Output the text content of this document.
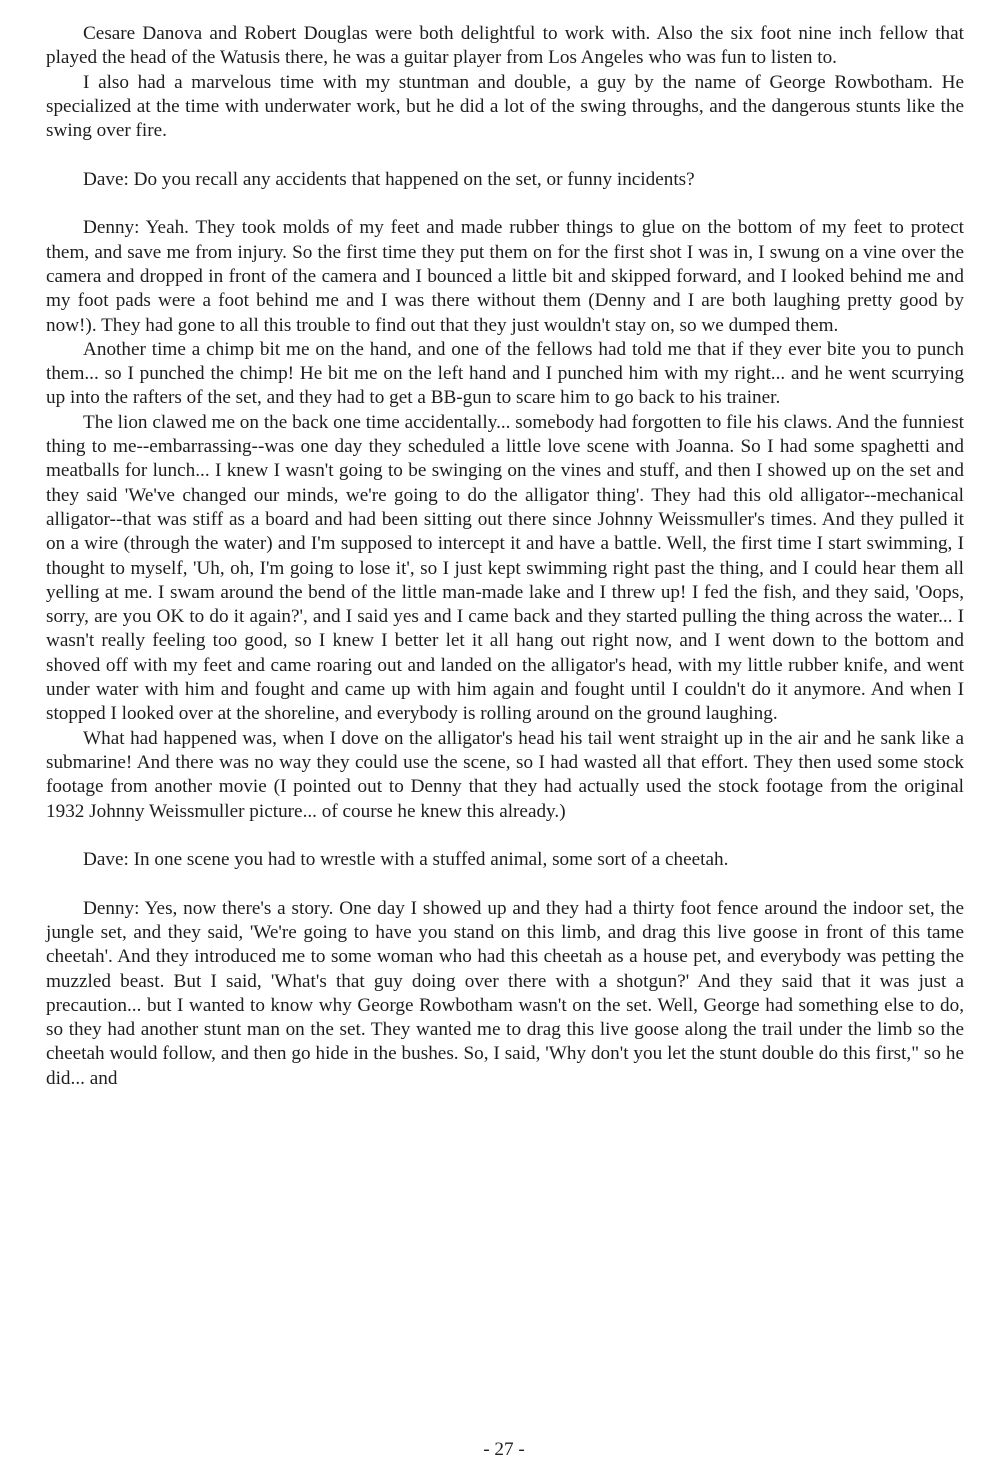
Cesare Danova and Robert Douglas were both delightful to work with. Also the six foot nine inch fellow that played the head of the Watusis there, he was a guitar player from Los Angeles who was fun to listen to.

I also had a marvelous time with my stuntman and double, a guy by the name of George Rowbotham. He specialized at the time with underwater work, but he did a lot of the swing throughs, and the dangerous stunts like the swing over fire.

Dave: Do you recall any accidents that happened on the set, or funny incidents?

Denny: Yeah. They took molds of my feet and made rubber things to glue on the bottom of my feet to protect them, and save me from injury. So the first time they put them on for the first shot I was in, I swung on a vine over the camera and dropped in front of the camera and I bounced a little bit and skipped forward, and I looked behind me and my foot pads were a foot behind me and I was there without them (Denny and I are both laughing pretty good by now!). They had gone to all this trouble to find out that they just wouldn't stay on, so we dumped them.

Another time a chimp bit me on the hand, and one of the fellows had told me that if they ever bite you to punch them... so I punched the chimp! He bit me on the left hand and I punched him with my right... and he went scurrying up into the rafters of the set, and they had to get a BB-gun to scare him to go back to his trainer.

The lion clawed me on the back one time accidentally... somebody had forgotten to file his claws. And the funniest thing to me--embarrassing--was one day they scheduled a little love scene with Joanna. So I had some spaghetti and meatballs for lunch... I knew I wasn't going to be swinging on the vines and stuff, and then I showed up on the set and they said 'We've changed our minds, we're going to do the alligator thing'. They had this old alligator--mechanical alligator--that was stiff as a board and had been sitting out there since Johnny Weissmuller's times. And they pulled it on a wire (through the water) and I'm supposed to intercept it and have a battle. Well, the first time I start swimming, I thought to myself, 'Uh, oh, I'm going to lose it', so I just kept swimming right past the thing, and I could hear them all yelling at me. I swam around the bend of the little man-made lake and I threw up! I fed the fish, and they said, 'Oops, sorry, are you OK to do it again?', and I said yes and I came back and they started pulling the thing across the water... I wasn't really feeling too good, so I knew I better let it all hang out right now, and I went down to the bottom and shoved off with my feet and came roaring out and landed on the alligator's head, with my little rubber knife, and went under water with him and fought and came up with him again and fought until I couldn't do it anymore. And when I stopped I looked over at the shoreline, and everybody is rolling around on the ground laughing.

What had happened was, when I dove on the alligator's head his tail went straight up in the air and he sank like a submarine! And there was no way they could use the scene, so I had wasted all that effort. They then used some stock footage from another movie (I pointed out to Denny that they had actually used the stock footage from the original 1932 Johnny Weissmuller picture... of course he knew this already.)

Dave: In one scene you had to wrestle with a stuffed animal, some sort of a cheetah.

Denny: Yes, now there's a story. One day I showed up and they had a thirty foot fence around the indoor set, the jungle set, and they said, 'We're going to have you stand on this limb, and drag this live goose in front of this tame cheetah'. And they introduced me to some woman who had this cheetah as a house pet, and everybody was petting the muzzled beast. But I said, 'What's that guy doing over there with a shotgun?' And they said that it was just a precaution... but I wanted to know why George Rowbotham wasn't on the set. Well, George had something else to do, so they had another stunt man on the set. They wanted me to drag this live goose along the trail under the limb so the cheetah would follow, and then go hide in the bushes. So, I said, 'Why don't you let the stunt double do this first," so he did... and

- 27 -
